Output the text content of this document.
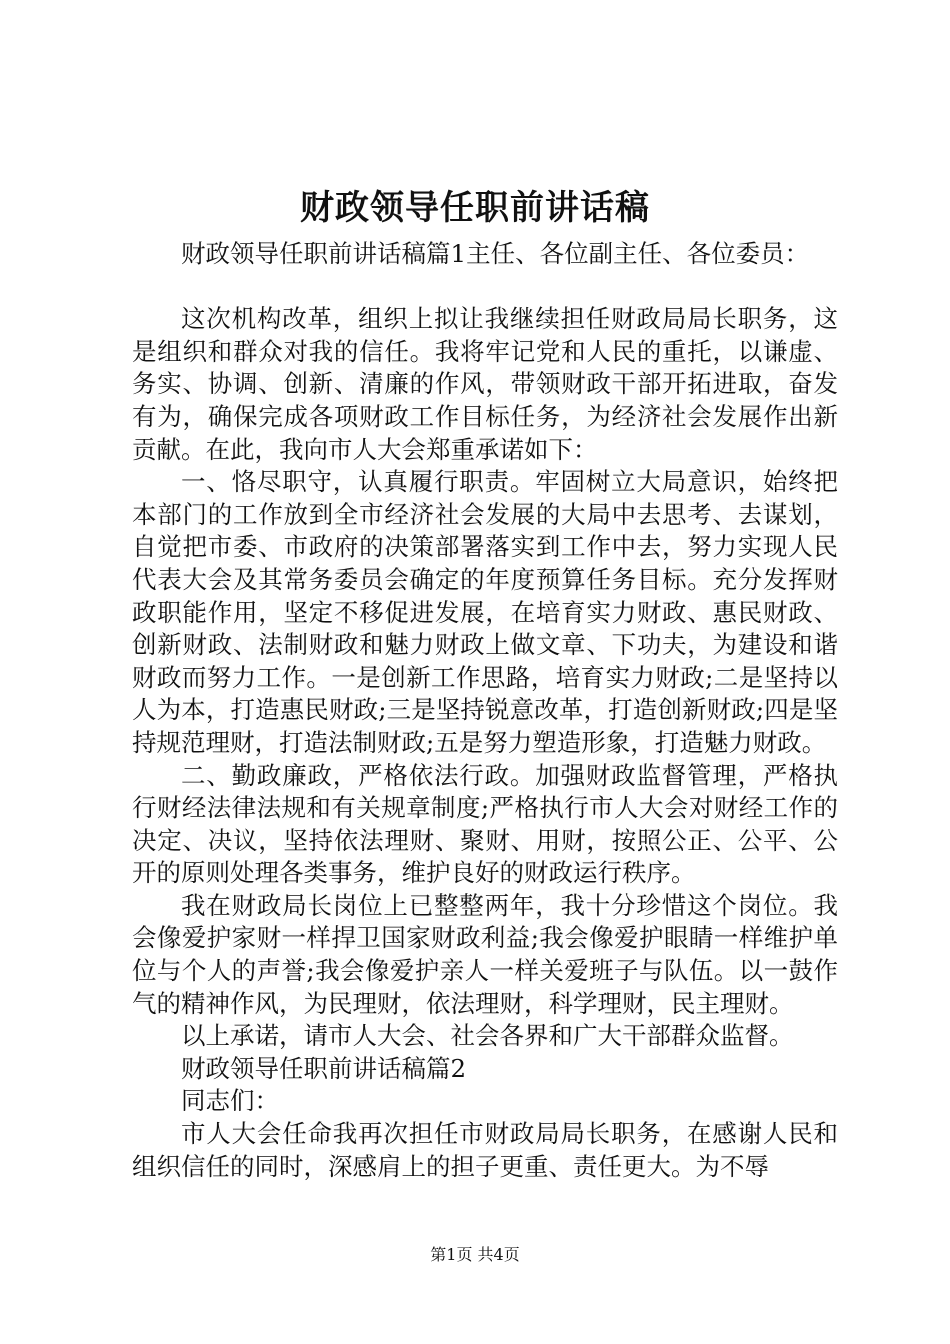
财政领导任职前讲话稿

财政领导任职前讲话稿篇1主任、各位副主任、各位委员：

这次机构改革，组织上拟让我继续担任财政局局长职务，这是组织和群众对我的信任。我将牢记党和人民的重托，以谦虚、务实、协调、创新、清廉的作风，带领财政干部开拓进取，奋发有为，确保完成各项财政工作目标任务，为经济社会发展作出新贡献。在此，我向市人大会郑重承诺如下：

一、恪尽职守，认真履行职责。牢固树立大局意识，始终把本部门的工作放到全市经济社会发展的大局中去思考、去谋划，自觉把市委、市政府的决策部署落实到工作中去，努力实现人民代表大会及其常务委员会确定的年度预算任务目标。充分发挥财政职能作用，坚定不移促进发展，在培育实力财政、惠民财政、创新财政、法制财政和魅力财政上做文章、下功夫，为建设和谐财政而努力工作。一是创新工作思路，培育实力财政;二是坚持以人为本，打造惠民财政;三是坚持锐意改革，打造创新财政;四是坚持规范理财，打造法制财政;五是努力塑造形象，打造魅力财政。

二、勤政廉政，严格依法行政。加强财政监督管理，严格执行财经法律法规和有关规章制度;严格执行市人大会对财经工作的决定、决议，坚持依法理财、聚财、用财，按照公正、公平、公开的原则处理各类事务，维护良好的财政运行秩序。

我在财政局长岗位上已整整两年，我十分珍惜这个岗位。我会像爱护家财一样捍卫国家财政利益;我会像爱护眼睛一样维护单位与个人的声誉;我会像爱护亲人一样关爱班子与队伍。以一鼓作气的精神作风，为民理财，依法理财，科学理财，民主理财。

以上承诺，请市人大会、社会各界和广大干部群众监督。

财政领导任职前讲话稿篇2

同志们：

市人大会任命我再次担任市财政局局长职务，在感谢人民和组织信任的同时，深感肩上的担子更重、责任更大。为不辱

第1页 共4页
